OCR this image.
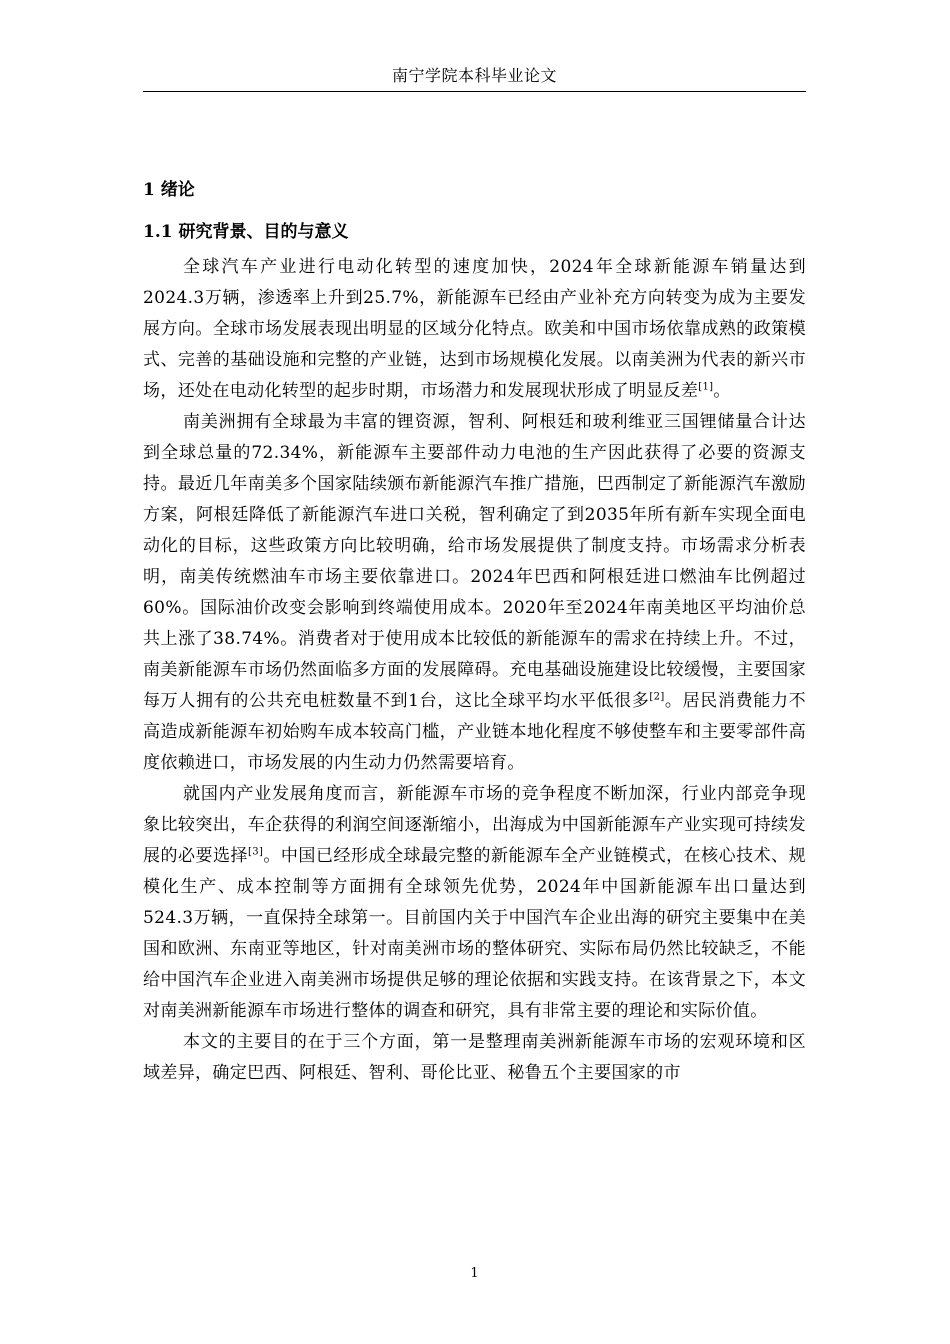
南宁学院本科毕业论文
1 绪论
1.1 研究背景、目的与意义

全球汽车产业进行电动化转型的速度加快，2024年全球新能源车销量达到2024.3万辆，渗透率上升到25.7%，新能源车已经由产业补充方向转变为成为主要发展方向。全球市场发展表现出明显的区域分化特点。欧美和中国市场依靠成熟的政策模式、完善的基础设施和完整的产业链，达到市场规模化发展。以南美洲为代表的新兴市场，还处在电动化转型的起步时期，市场潜力和发展现状形成了明显反差[1]。

南美洲拥有全球最为丰富的锂资源，智利、阿根廷和玻利维亚三国锂储量合计达到全球总量的72.34%，新能源车主要部件动力电池的生产因此获得了必要的资源支持。最近几年南美多个国家陆续颁布新能源汽车推广措施，巴西制定了新能源汽车激励方案，阿根廷降低了新能源汽车进口关税，智利确定了到2035年所有新车实现全面电动化的目标，这些政策方向比较明确，给市场发展提供了制度支持。市场需求分析表明，南美传统燃油车市场主要依靠进口。2024年巴西和阿根廷进口燃油车比例超过60%。国际油价改变会影响到终端使用成本。2020年至2024年南美地区平均油价总共上涨了38.74%。消费者对于使用成本比较低的新能源车的需求在持续上升。不过，南美新能源车市场仍然面临多方面的发展障碍。充电基础设施建设比较缓慢，主要国家每万人拥有的公共充电桩数量不到1台，这比全球平均水平低很多[2]。居民消费能力不高造成新能源车初始购车成本较高门槛，产业链本地化程度不够使整车和主要零部件高度依赖进口，市场发展的内生动力仍然需要培育。

就国内产业发展角度而言，新能源车市场的竞争程度不断加深，行业内部竞争现象比较突出，车企获得的利润空间逐渐缩小，出海成为中国新能源车产业实现可持续发展的必要选择[3]。中国已经形成全球最完整的新能源车全产业链模式，在核心技术、规模化生产、成本控制等方面拥有全球领先优势，2024年中国新能源车出口量达到524.3万辆，一直保持全球第一。目前国内关于中国汽车企业出海的研究主要集中在美国和欧洲、东南亚等地区，针对南美洲市场的整体研究、实际布局仍然比较缺乏，不能给中国汽车企业进入南美洲市场提供足够的理论依据和实践支持。在该背景之下，本文对南美洲新能源车市场进行整体的调查和研究，具有非常主要的理论和实际价值。

本文的主要目的在于三个方面，第一是整理南美洲新能源车市场的宏观环境和区域差异，确定巴西、阿根廷、智利、哥伦比亚、秘鲁五个主要国家的市

1
